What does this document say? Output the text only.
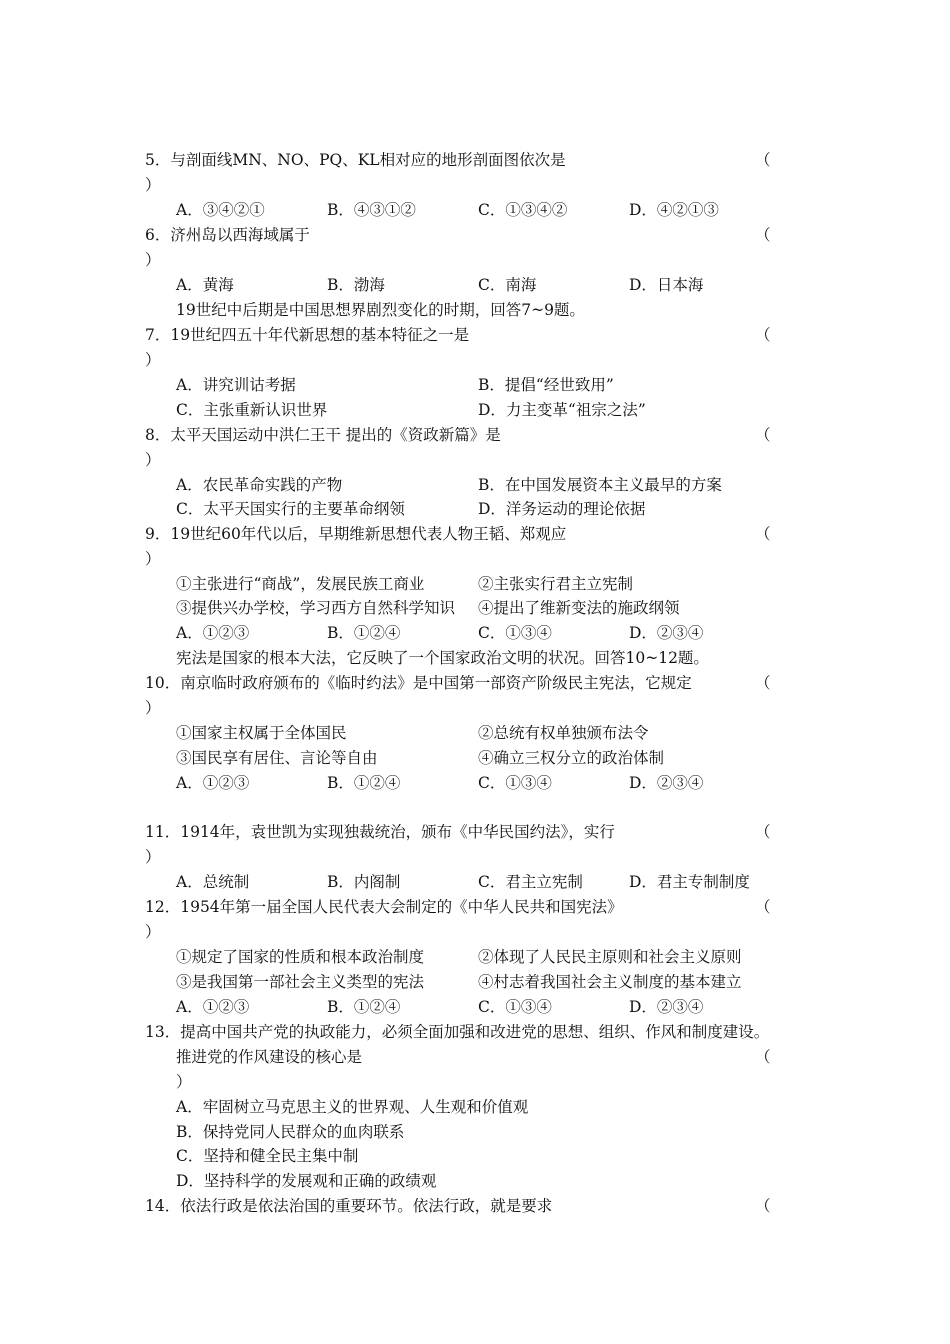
5．与剖面线MN、NO、PQ、KL相对应的地形剖面图依次是	（
）
A．③④②①	B．④③①②	C．①③④②	D．④②①③
6．济州岛以西海域属于	（
）
A．黄海	B．渤海	C．南海	D．日本海
19世纪中后期是中国思想界剧烈变化的时期，回答7~9题。
7．19世纪四五十年代新思想的基本特征之一是	（
）
A．讲究训诂考据	B．提倡“经世致用”
C．主张重新认识世界	D．力主变革“祖宗之法”
8．太平天国运动中洪仁王干 提出的《资政新篇》是	（
）
A．农民革命实践的产物	B．在中国发展资本主义最早的方案
C．太平天国实行的主要革命纲领	D．洋务运动的理论依据
9．19世纪60年代以后，早期维新思想代表人物王韬、郑观应	（
）
①主张进行“商战”，发展民族工商业	②主张实行君主立宪制
③提供兴办学校，学习西方自然科学知识 ④提出了维新变法的施政纲领
A．①②③	B．①②④	C．①③④	D．②③④
宪法是国家的根本大法，它反映了一个国家政治文明的状况。回答10~12题。
10．南京临时政府颁布的《临时约法》是中国第一部资产阶级民主宪法，它规定	（
）
①国家主权属于全体国民	②总统有权单独颁布法令
③国民享有居住、言论等自由	④确立三权分立的政治体制
A．①②③	B．①②④	C．①③④	D．②③④
11．1914年，袁世凯为实现独裁统治，颁布《中华民国约法》，实行	（
）
A．总统制	B．内阁制	C．君主立宪制	D．君主专制制度
12．1954年第一届全国人民代表大会制定的《中华人民共和国宪法》	（
）
①规定了国家的性质和根本政治制度	②体现了人民民主原则和社会主义原则
③是我国第一部社会主义类型的宪法	④村志着我国社会主义制度的基本建立
A．①②③	B．①②④	C．①③④	D．②③④
13．提高中国共产党的执政能力，必须全面加强和改进党的思想、组织、作风和制度建设。
推进党的作风建设的核心是	（
）
A．牢固树立马克思主义的世界观、人生观和价值观
B．保持党同人民群众的血肉联系
C．坚持和健全民主集中制
D．坚持科学的发展观和正确的政绩观
14．依法行政是依法治国的重要环节。依法行政，就是要求	（
